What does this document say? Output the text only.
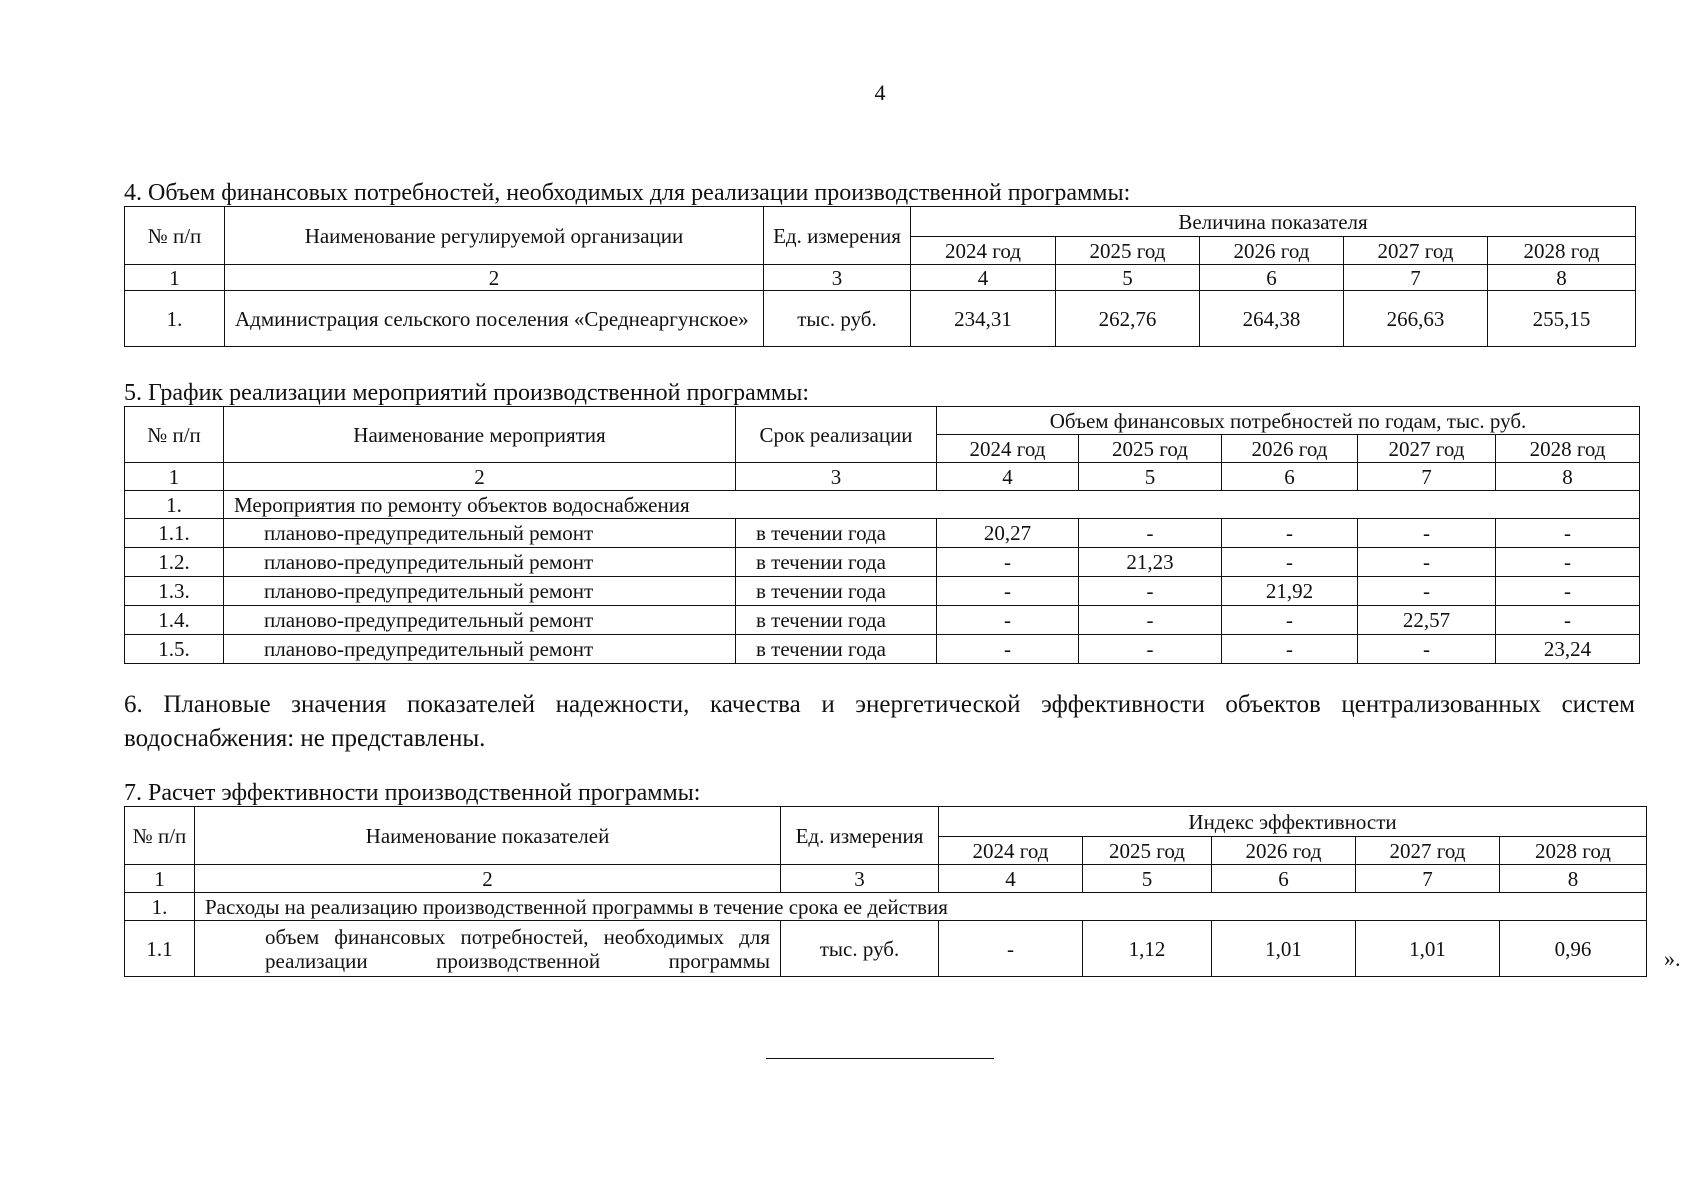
4
4. Объем финансовых потребностей, необходимых для реализации производственной программы:
№ п/п	Наименование регулируемой организации	Ед. измерения	Величина показателя				
			2024 год	2025 год	2026 год	2027 год	2028 год
1	2	3	4	5	6	7	8
1.	Администрация сельского поселения «Среднеаргунское»	тыс. руб.	234,31	262,76	264,38	266,63	255,15
5. График реализации мероприятий производственной программы:
№ п/п	Наименование мероприятия	Срок реализации	Объем финансовых потребностей по годам, тыс. руб.				
			2024 год	2025 год	2026 год	2027 год	2028 год
1	2	3	4	5	6	7	8
1.	Мероприятия по ремонту объектов водоснабжения						
1.1.	планово-предупредительный ремонт	в течении года	20,27	-	-	-	-
1.2.	планово-предупредительный ремонт	в течении года	-	21,23	-	-	-
1.3.	планово-предупредительный ремонт	в течении года	-	-	21,92	-	-
1.4.	планово-предупредительный ремонт	в течении года	-	-	-	22,57	-
1.5.	планово-предупредительный ремонт	в течении года	-	-	-	-	23,24
6. Плановые значения показателей надежности, качества и энергетической эффективности объектов централизованных систем водоснабжения: не представлены.
7. Расчет эффективности производственной программы:
№ п/п	Наименование показателей	Ед. измерения	Индекс эффективности				
			2024 год	2025 год	2026 год	2027 год	2028 год
1	2	3	4	5	6	7	8
1.	Расходы на реализацию производственной программы в течение срока ее действия						
1.1	объем финансовых потребностей, необходимых для реализации производственной программы	тыс. руб.	-	1,12	1,01	1,01	0,96	».
